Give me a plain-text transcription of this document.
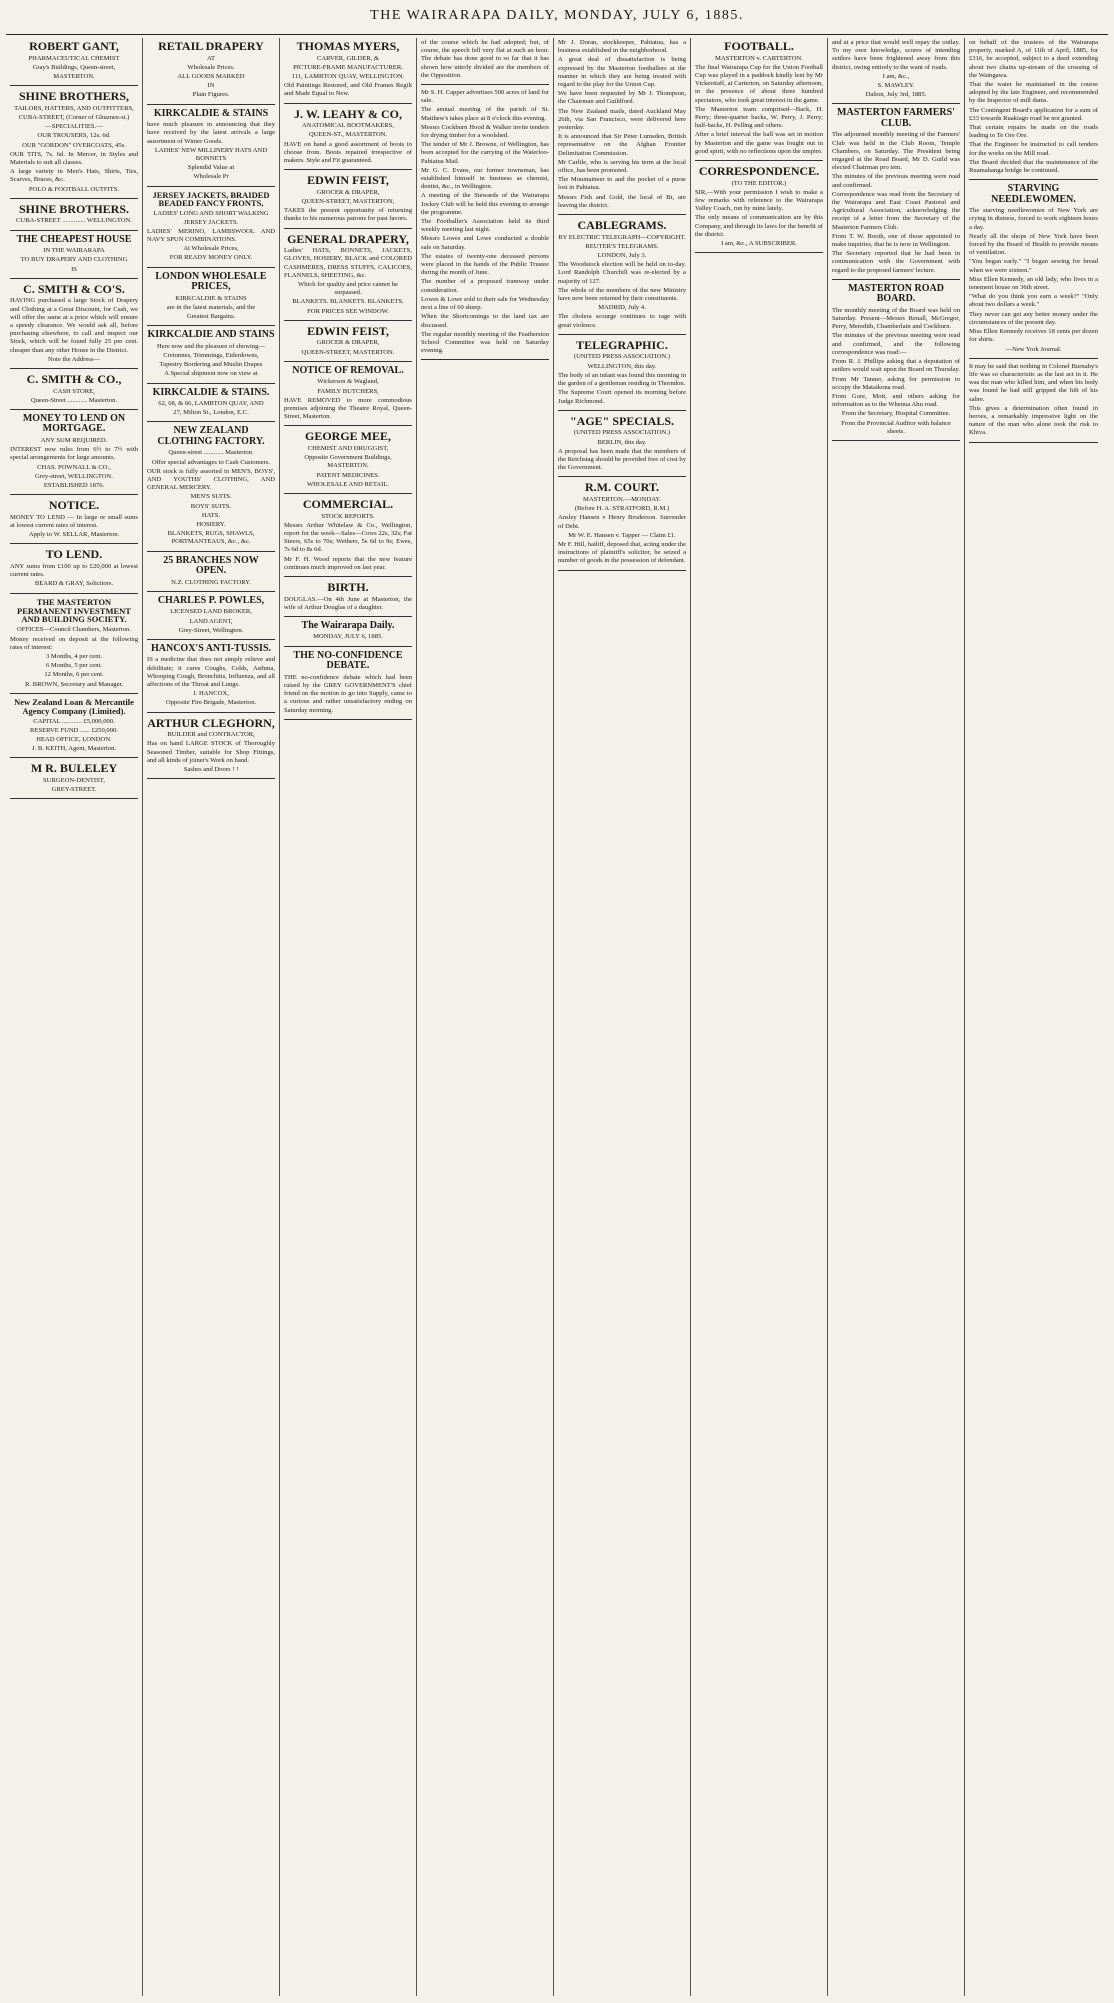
THE WAIRARAPA DAILY, MONDAY, JULY 6, 1885.
ROBERT GANT,
PHARMACEUTICAL CHEMIST
Gray's Buildings, Queen-street,
MASTERTON.
SHINE BROTHERS,
TAILORS, HATTERS, AND OUTFITTERS,
CUBA-STREET, (Corner of Ghuznee-st.)
—SPECIALITIES.—
OUR TROUSERS, 12s. 6d.
OUR "GORDON" OVERCOATS, 45s.
OUR TITS, 7s. 6d. In Mercer, in Styles and Materials to suit all classes.
A large variety in Men's Hats, Shirts, Ties, Scarves, Braces, &c.
POLO & FOOTBALL OUTFITS.
SHINE BROTHERS.
CUBA-STREET .............. WELLINGTON.
THE CHEAPEST HOUSE
IN THE WAIRARAPA
TO BUY DRAPERY AND CLOTHING
IS
C. SMITH & CO'S.
HAVING purchased a large Stock of Drapery and Clothing at a Great Discount, for Cash, we will offer the same at a price which will ensure a speedy clearance. We would ask all, before purchasing elsewhere, to call and inspect our Stock, which will be found fully 25 per cent. cheaper than any other House in the District.
Note the Address—
C. SMITH & CO.,
CASH STORE,
Queen-Street ............ Masterton.
MONEY TO LEND ON MORTGAGE.
ANY SUM REQUIRED.
INTEREST now rules from 6½ to 7½ with special arrangements for large amounts.
CHAS. POWNALL & CO.,
Grey-street, WELLINGTON.
ESTABLISHED 1876.
NOTICE.
MONEY TO LEND — In large or small sums at lowest current rates of interest.
Apply to W. SELLAR, Masterton.
TO LEND.
ANY sums from £100 up to £20,000 at lowest current rates.
BEARD & GRAY, Solicitors.
THE MASTERTON PERMANENT INVESTMENT AND BUILDING SOCIETY.
OFFICES—Council Chambers, Masterton.
Money received on deposit at the following rates of interest:
3 Months, 4 per cent.
6 Months, 5 per cent.
12 Months, 6 per cent.
R. BROWN, Secretary and Manager.
New Zealand Loan & Mercantile Agency Company (Limited).
CAPITAL ............ £5,000,000.
RESERVE FUND ...... £250,000.
HEAD OFFICE, LONDON.
J. B. KEITH, Agent, Masterton.
M R. BULELEY
SURGEON-DENTIST,
GREY-STREET.
RETAIL DRAPERY
AT
Wholesale Prices.
ALL GOODS MARKED
IN
Plain Figures.
KIRKCALDIE & STAINS
have much pleasure in announcing that they have received by the latest arrivals a large assortment of Winter Goods.
LADIES' NEW MILLINERY HATS AND BONNETS
Splendid Value at
Wholesale Pr
JERSEY JACKETS, BRAIDED BEADED FANCY FRONTS,
LADIES' LONG AND SHORT WALKING JERSEY JACKETS.
LADIES' MERINO, LAMBSWOOL AND NAVY SPUN COMBINATIONS.
At Wholesale Prices,
FOR READY MONEY ONLY.
LONDON WHOLESALE PRICES,
KIRKCALDIE & STAINS
are in the latest materials, and the
Greatest Bargains.
KIRKCALDIE AND STAINS
Here now and the pleasure of showing—
Cretonnes, Trimmings, Eiderdowns,
Tapestry Bordering and Muslin Drapes
A Special shipment now on view at
KIRKCALDIE & STAINS.
62, 68, & 66, LAMBTON QUAY, AND
27, Milton St., London, E.C.
NEW ZEALAND CLOTHING FACTORY.
Queen-street ............ Masterton.
Offer special advantages to Cash Customers.
OUR stock is fully assorted in MEN'S, BOYS', AND YOUTHS' CLOTHING, AND GENERAL MERCERY.
MEN'S SUITS.
BOYS' SUITS.
HATS.
HOSIERY.
BLANKETS, RUGS, SHAWLS, PORTMANTEAUS, &c., &c.
25 BRANCHES NOW OPEN.
N.Z. CLOTHING FACTORY.
CHARLES P. POWLES,
LICENSED LAND BROKER,
LAND AGENT,
Grey-Street, Wellington.
HANCOX'S ANTI-TUSSIS.
IS a medicine that does not simply relieve and debilitate; it cures Coughs, Colds, Asthma, Whooping Cough, Bronchitis, Influenza, and all affections of the Throat and Lungs.
J. HANCOX,
Opposite Fire Brigade, Masterton.
ARTHUR CLEGHORN,
BUILDER and CONTRACTOR,
Has on hand LARGE STOCK of Thoroughly Seasoned Timber, suitable for Shop Fittings, and all kinds of joiner's Work on hand.
Sashes and Doors ! !
THOMAS MYERS,
CARVER, GILDER, &
PICTURE-FRAME MANUFACTURER.
111, LAMBTON QUAY, WELLINGTON.
Old Paintings Restored, and Old Frames Regilt and Made Equal to New.
J. W. LEAHY & CO,
ANATOMICAL BOOTMAKERS,
QUEEN-ST., MASTERTON.
HAVE on hand a good assortment of boots to choose from. Boots repaired irrespective of makers. Style and Fit guaranteed.
EDWIN FEIST,
GROCER & DRAPER,
QUEEN-STREET, MASTERTON,
TAKES the present opportunity of returning thanks to his numerous patrons for past favors.
GENERAL DRAPERY,
Ladies' HATS, BONNETS, JACKETS, GLOVES, HOSIERY, BLACK and COLORED CASHMERES, DRESS STUFFS, CALICOES, FLANNELS, SHEETING, &c.
Which for quality and price cannot be surpassed.
BLANKETS. BLANKETS. BLANKETS.
FOR PRICES SEE WINDOW.
EDWIN FEIST,
GROCER & DRAPER,
QUEEN-STREET, MASTERTON.
NOTICE OF REMOVAL.
Wickerson & Wagland,
FAMILY BUTCHERS,
HAVE REMOVED to more commodious premises adjoining the Theatre Royal, Queen-Street, Masterton.
GEORGE MEE,
CHEMIST AND DRUGGIST,
Opposite Government Buildings, MASTERTON.
PATENT MEDICINES.
WHOLESALE AND RETAIL.
COMMERCIAL.
STOCK REPORTS.
Messrs Arthur Whitelaw & Co., Wellington, report for the week—Sales—Cows 22s, 32s; Fat Steers, 65s to 70s; Wethers, 5s 6d to 9s; Ewes, 7s 6d to 8s 6d.
Mr F. H. Wood reports that the new feature continues much improved on last year.
BIRTH.
DOUGLAS.—On 4th June at Masterton, the wife of Arthur Douglas of a daughter.
The Wairarapa Daily.
MONDAY, JULY 6, 1885.
THE NO-CONFIDENCE DEBATE.
THE no-confidence debate which had been raised by the GREY GOVERNMENT'S chief friend on the motion to go into Supply, came to a curious and rather unsatisfactory ending on Saturday morning.
of the course which he had adopted; but, of course, the speech fell very flat at such an hour. The debate has done good in so far that it has shown how utterly divided are the members of the Opposition.
Mr S. H. Capper advertises 500 acres of land for sale.
The annual meeting of the parish of St. Matthew's takes place at 8 o'clock this evening.
Messrs Cockburn Hood & Walker invite tenders for drying timber for a woolshed.
The tender of Mr J. Browne, of Wellington, has been accepted for the carrying of the Waterloo-Pahiatua Mail.
Mr G. C. Evans, our former townsman, has established himself in business as chemist, dentist, &c., in Wellington.
A meeting of the Stewards of the Wairarapa Jockey Club will be held this evening to arrange the programme.
The Footballer's Association held its third weekly meeting last night.
Messrs Lowes and Lowe conducted a double sale on Saturday.
The estates of twenty-one deceased persons were placed in the hands of the Public Trustee during the month of June.
The number of a proposed tramway under consideration.
Lowes & Lowe sold to their sale for Wednesday next a line of 60 sheep.
When the Shortcomings to the land tax are discussed.
The regular monthly meeting of the Featherston School Committee was held on Saturday evening.
Mr J. Doran, stockkeeper, Pahiatua, has a business established in the neighborhood.
A great deal of dissatisfaction is being expressed by the Masterton footballers at the manner in which they are being treated with regard to the play for the Union Cup.
We have been requested by Mr J. Thompson, the Chairman and Guildford.
The New Zealand mails, dated Auckland May 26th, via San Francisco, were delivered here yesterday.
It is announced that Sir Peter Lumsden, British representative on the Afghan Frontier Delimitation Commission.
Mr Carlile, who is serving his term at the local office, has been promoted.
The Mountaineer to and the pocket of a purse lost in Pahiatua.
Messrs Fish and Gold, the local of Bt, are leaving the district.
CABLEGRAMS.
BY ELECTRIC TELEGRAPH—COPYRIGHT.
REUTER'S TELEGRAMS.
LONDON, July 3.
The Woodstock election will be held on to-day. Lord Randolph Churchill was re-elected by a majority of 127.
The whole of the members of the new Ministry have now been returned by their constituents.
MADRID, July 4.
The cholera scourge continues to rage with great violence.
TELEGRAPHIC.
(UNITED PRESS ASSOCIATION.)
WELLINGTON, this day.
The body of an infant was found this morning in the garden of a gentleman residing in Thorndon.
The Supreme Court opened its morning before Judge Richmond.
"AGE" SPECIALS.
(UNITED PRESS ASSOCIATION.)
BERLIN, this day.
A proposal has been made that the members of the Reichstag should be provided free of cost by the Government.
R.M. COURT.
MASTERTON.—MONDAY.
(Before H. A. STRATFORD, R.M.)
Ansley Hansen v Henry Broderson. Surrender of Debt.
Mr W. E. Hansen v. Tapper — Claim £1.
Mr F. Hill, bailiff, deposed that, acting under the instructions of plaintiff's solicitor, he seized a number of goods in the possession of defendant.
FOOTBALL.
MASTERTON v. CARTERTON.
The final Wairarapa Cup for the Union Football Cup was played in a paddock kindly lent by Mr Vickerstaff, at Carterton, on Saturday afternoon, in the presence of about three hundred spectators, who took great interest in the game.
The Masterton team comprised—Back, H. Perry; three-quarter backs, W. Perry, J. Perry; half-backs, H. Pelling and others.
After a brief interval the ball was set in motion by Masterton and the game was fought out in good spirit, with no reflections upon the umpire.
CORRESPONDENCE.
(TO THE EDITOR.)
SIR,—With your permission I wish to make a few remarks with reference to the Wairarapa Valley Coach, run by mine lately.
The only means of communication are by this Company, and through its laws for the benefit of the district.
I am, &c., A SUBSCRIBER.
and at a price that would well repay the outlay. To my own knowledge, scores of intending settlers have been frightened away from this district, owing entirely to the want of roads.
I am, &c.,
S. MAWLEY.
Dalton, July 3rd, 1885.
MASTERTON FARMERS' CLUB.
The adjourned monthly meeting of the Farmers' Club was held in the Club Room, Temple Chambers, on Saturday. The President being engaged at the Road Board, Mr D. Guild was elected Chairman pro tem.
The minutes of the previous meeting were read and confirmed.
Correspondence was read from the Secretary of the Wairarapa and East Coast Pastoral and Agricultural Association, acknowledging the receipt of a letter from the Secretary of the Masterton Farmers Club.
From T. W. Booth, one of those appointed to make inquiries, that he is now in Wellington.
The Secretary reported that he had been in communication with the Government with regard to the proposed farmers' lecture.
MASTERTON ROAD BOARD.
The monthly meeting of the Board was held on Saturday. Present—Messrs Renall, McGregor, Perry, Meredith, Chamberlain and Cockburn.
The minutes of the previous meeting were read and confirmed, and the following correspondence was read:—
From R. J. Phillips asking that a deputation of settlers would wait upon the Board on Thursday.
From Mr Tanner, asking for permission to occupy the Mataikona road.
From Gore, Mott, and others asking for information as to the Whenua Ahu road.
From the Secretary, Hospital Committee.
From the Provincial Auditor with balance sheets.
on behalf of the trustees of the Wairarapa property, marked A, of 11th of April, 1885, for £316, be accepted, subject to a deed extending about two chains up-stream of the crossing of the Waingawa.
That the water be maintained in the course adopted by the late Engineer, and recommended by the Inspector of mill dams.
The Contingent Board's application for a sum of £33 towards Ruakiago road be not granted.
That certain repairs be made on the roads leading to Te Ore Ore.
That the Engineer be instructed to call tenders for the works on the Mill road.
The Board decided that the maintenance of the Ruamahanga bridge be continued.
STARVING NEEDLEWOMEN.
The starving needlewomen of New York are crying in distress, forced to work eighteen hours a day.
Nearly all the shops of New York have been forced by the Board of Health to provide means of ventilation.
"You began early." "I began sewing for bread when we were sixteen."
Miss Ellen Kennedy, an old lady, who lives in a tenement house on 36th street.
"What do you think you earn a week?" "Only about two dollars a week."
They never can get any better money under the circumstances of the present day.
Miss Ellen Kennedy receives 18 cents per dozen for shirts.
—New York Journal.
It may be said that nothing in Colonel Burnaby's life was so characteristic as the last act in it. He was the man who killed him, and when his body was found he had still gripped the hilt of his sabre.
This gives a determination often found in heroes, a remarkably impressive light on the nature of the man who alone took the risk to Khiva.
